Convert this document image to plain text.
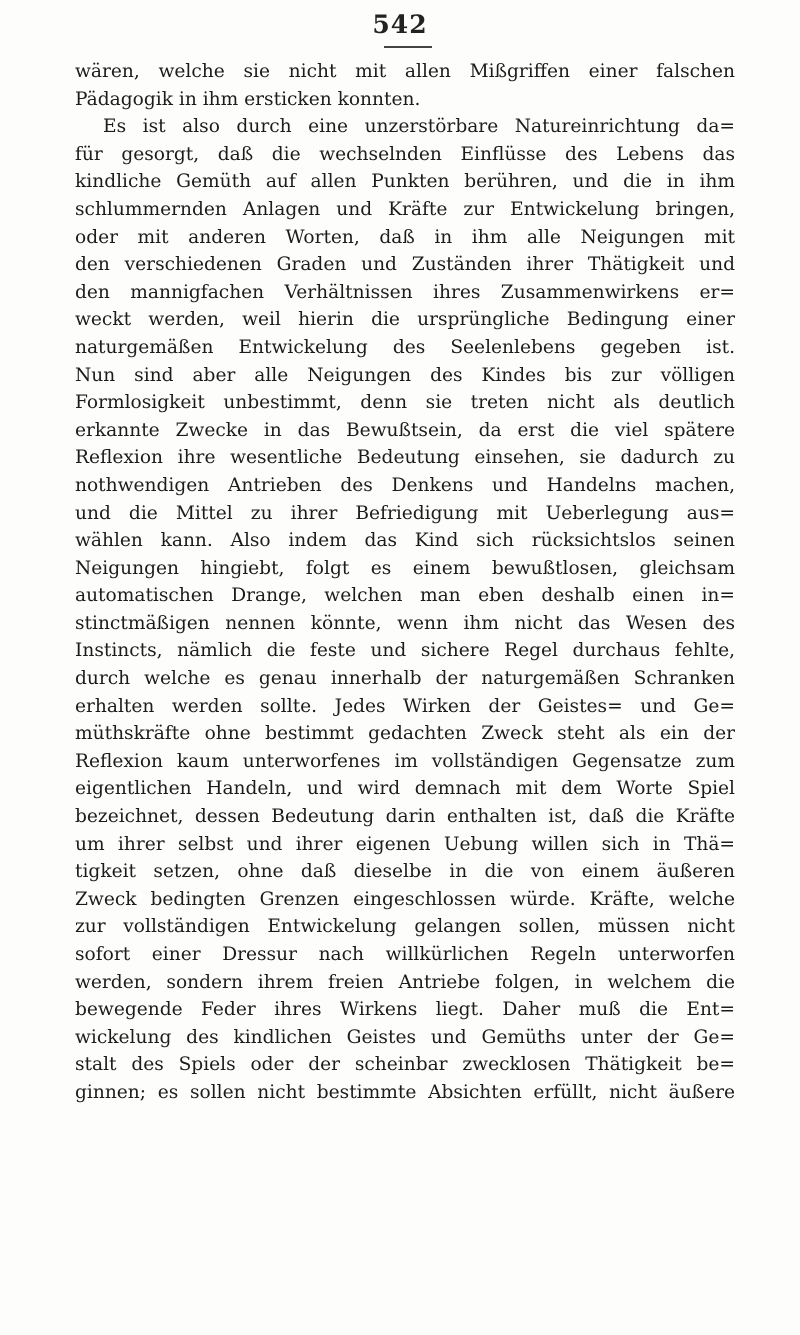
542
wären, welche sie nicht mit allen Mißgriffen einer falschen
Pädagogik in ihm ersticken konnten.
Es ist also durch eine unzerstörbare Natureinrichtung da=
für gesorgt, daß die wechselnden Einflüsse des Lebens das
kindliche Gemüth auf allen Punkten berühren, und die in ihm
schlummernden Anlagen und Kräfte zur Entwickelung bringen,
oder mit anderen Worten, daß in ihm alle Neigungen mit
den verschiedenen Graden und Zuständen ihrer Thätigkeit und
den mannigfachen Verhältnissen ihres Zusammenwirkens er=
weckt werden, weil hierin die ursprüngliche Bedingung einer
naturgemäßen Entwickelung des Seelenlebens gegeben ist.
Nun sind aber alle Neigungen des Kindes bis zur völligen
Formlosigkeit unbestimmt, denn sie treten nicht als deutlich
erkannte Zwecke in das Bewußtsein, da erst die viel spätere
Reflexion ihre wesentliche Bedeutung einsehen, sie dadurch zu
nothwendigen Antrieben des Denkens und Handelns machen,
und die Mittel zu ihrer Befriedigung mit Ueberlegung aus=
wählen kann. Also indem das Kind sich rücksichtslos seinen
Neigungen hingiebt, folgt es einem bewußtlosen, gleichsam
automatischen Drange, welchen man eben deshalb einen in=
stinctmäßigen nennen könnte, wenn ihm nicht das Wesen des
Instincts, nämlich die feste und sichere Regel durchaus fehlte,
durch welche es genau innerhalb der naturgemäßen Schranken
erhalten werden sollte. Jedes Wirken der Geistes= und Ge=
müthskräfte ohne bestimmt gedachten Zweck steht als ein der
Reflexion kaum unterworfenes im vollständigen Gegensatze zum
eigentlichen Handeln, und wird demnach mit dem Worte Spiel
bezeichnet, dessen Bedeutung darin enthalten ist, daß die Kräfte
um ihrer selbst und ihrer eigenen Uebung willen sich in Thä=
tigkeit setzen, ohne daß dieselbe in die von einem äußeren
Zweck bedingten Grenzen eingeschlossen würde. Kräfte, welche
zur vollständigen Entwickelung gelangen sollen, müssen nicht
sofort einer Dressur nach willkürlichen Regeln unterworfen
werden, sondern ihrem freien Antriebe folgen, in welchem die
bewegende Feder ihres Wirkens liegt. Daher muß die Ent=
wickelung des kindlichen Geistes und Gemüths unter der Ge=
stalt des Spiels oder der scheinbar zwecklosen Thätigkeit be=
ginnen; es sollen nicht bestimmte Absichten erfüllt, nicht äußere
